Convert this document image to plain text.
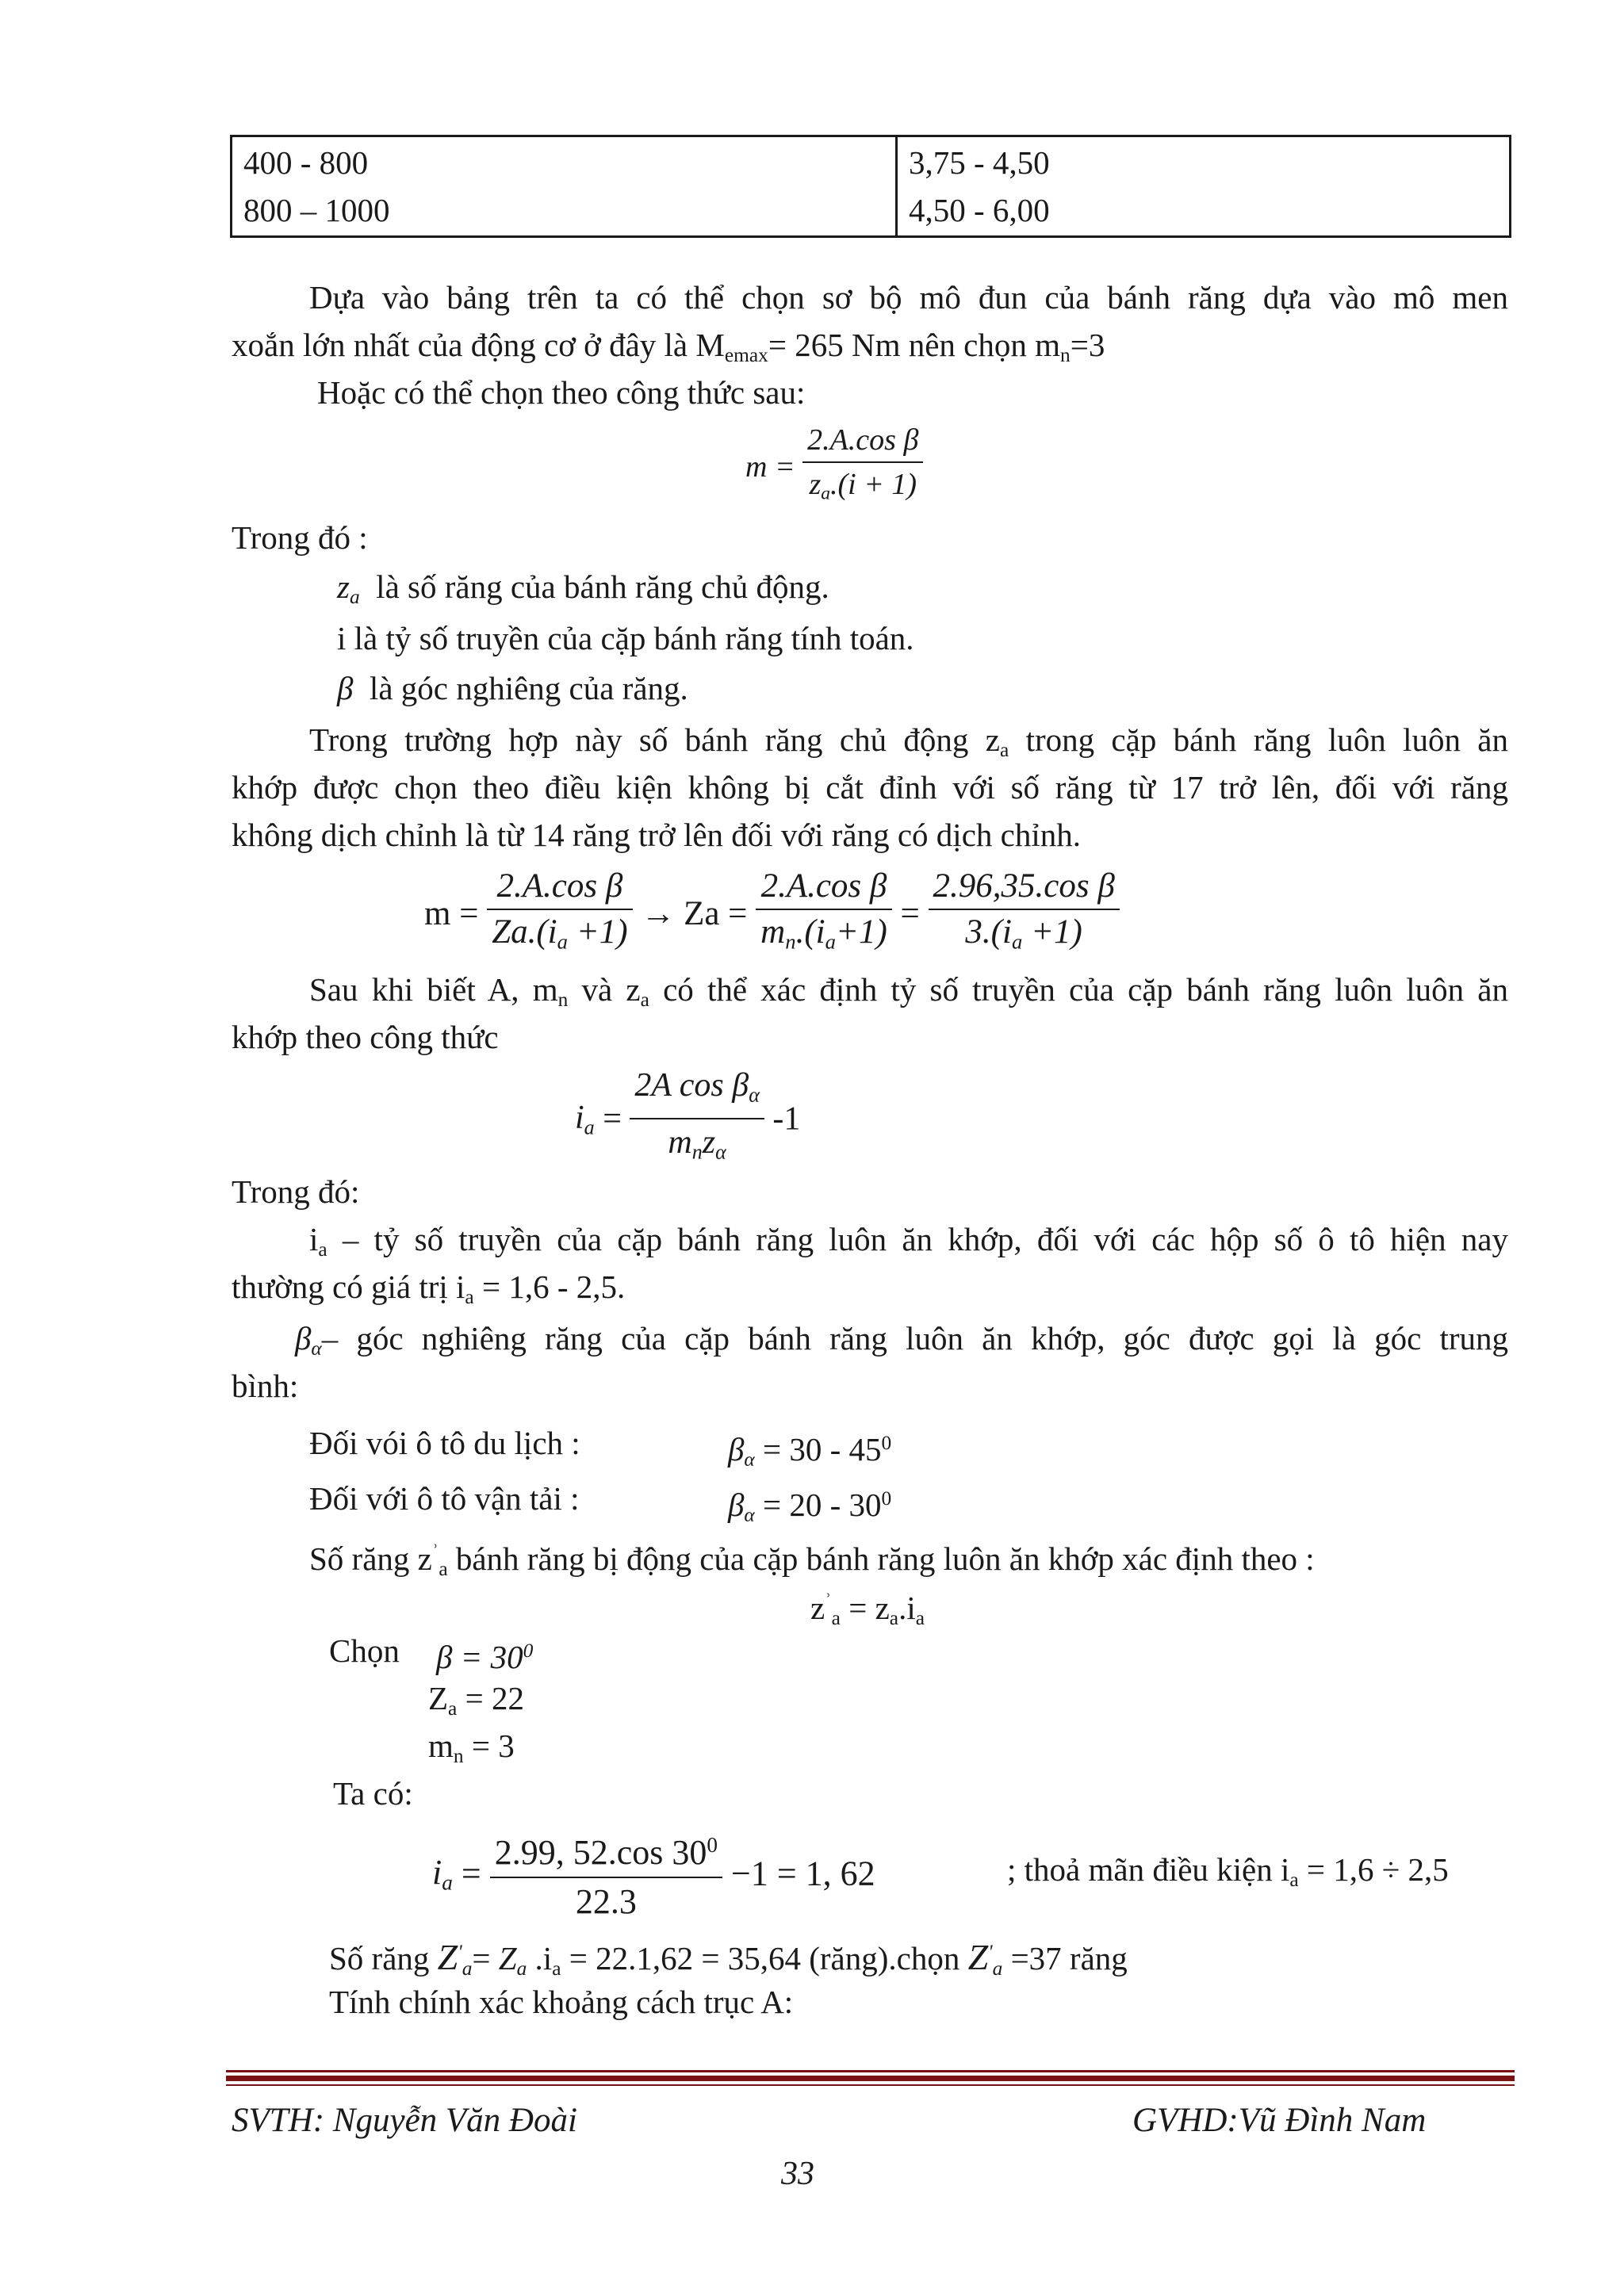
400 - 800	3,75 - 4,50
800 – 1000	4,50 - 6,00
Dựa vào bảng trên ta có thể chọn sơ bộ mô đun của bánh răng dựa vào mô men
xoắn lớn nhất của động cơ ở đây là $M_{emax}= 265$ Nm nên chọn $m_n=3$
Hoặc có thể chọn theo công thức sau:
$m = \frac{\text{2.A.cos β}}{z_a.(i + 1)}$
Trong đó :
$z_a$ là số răng của bánh răng chủ động.
i là tỷ số truyền của cặp bánh răng tính toán.
β là góc nghiêng của răng.
Trong trường hợp này số bánh răng chủ động $z_a$ trong cặp bánh răng luôn luôn ăn
khớp được chọn theo điều kiện không bị cắt đỉnh với số răng từ 17 trở lên, đối với răng
không dịch chỉnh là từ 14 răng trở lên đối với răng có dịch chỉnh.
$m = \frac{\text{2.A.cos β}}{Za.(i_a +1)} \to Za = \frac{\text{2.A.cos β}}{m_n.(i_a+1)} = \frac{\text{2.96,35.cos β}}{3.(i_a +1)}$
Sau khi biết A, $m_n$ và $z_a$ có thể xác định tỷ số truyền của cặp bánh răng luôn luôn ăn
khớp theo công thức
$i_a = \frac{2A \cos \beta_\alpha}{m_nz_\alpha} -1$
Trong đó:
$i_a$ – tỷ số truyền của cặp bánh răng luôn ăn khớp, đối với các hộp số ô tô hiện nay
thường có giá trị $i_a = 1,6 - 2,5$.
$\beta_\alpha-$ góc nghiêng răng của cặp bánh răng luôn ăn khớp, góc được gọi là góc trung
bình:
Đối vói ô tô du lịch :	$\beta_\alpha = 30 - 45^0$
Đối với ô tô vận tải :	$\beta_\alpha = 20 - 30^0$
Số răng $z^ʾ_a$ bánh răng bị động của cặp bánh răng luôn ăn khớp xác định theo :
$z^ʾ_a = z_a.i_a$
Chọn $\beta = 30^0$
$Z_a = 22$
$m_n = 3$
Ta có:
$i_a = \frac{2.99, 52.\cos 30^0}{22.3} -1 = 1$, 62	; thoả mãn điều kiện $i_a = 1,6 \div 2,5$
Số răng $Z'_a= Z_a$ $.i_a = 22.1,62 = 35,64$ (răng).chọn $Z'_a =37$ răng
Tính chính xác khoảng cách trục A:
SVTH: Nguyễn Văn Đoài	GVHD:Vũ Đình Nam
33
